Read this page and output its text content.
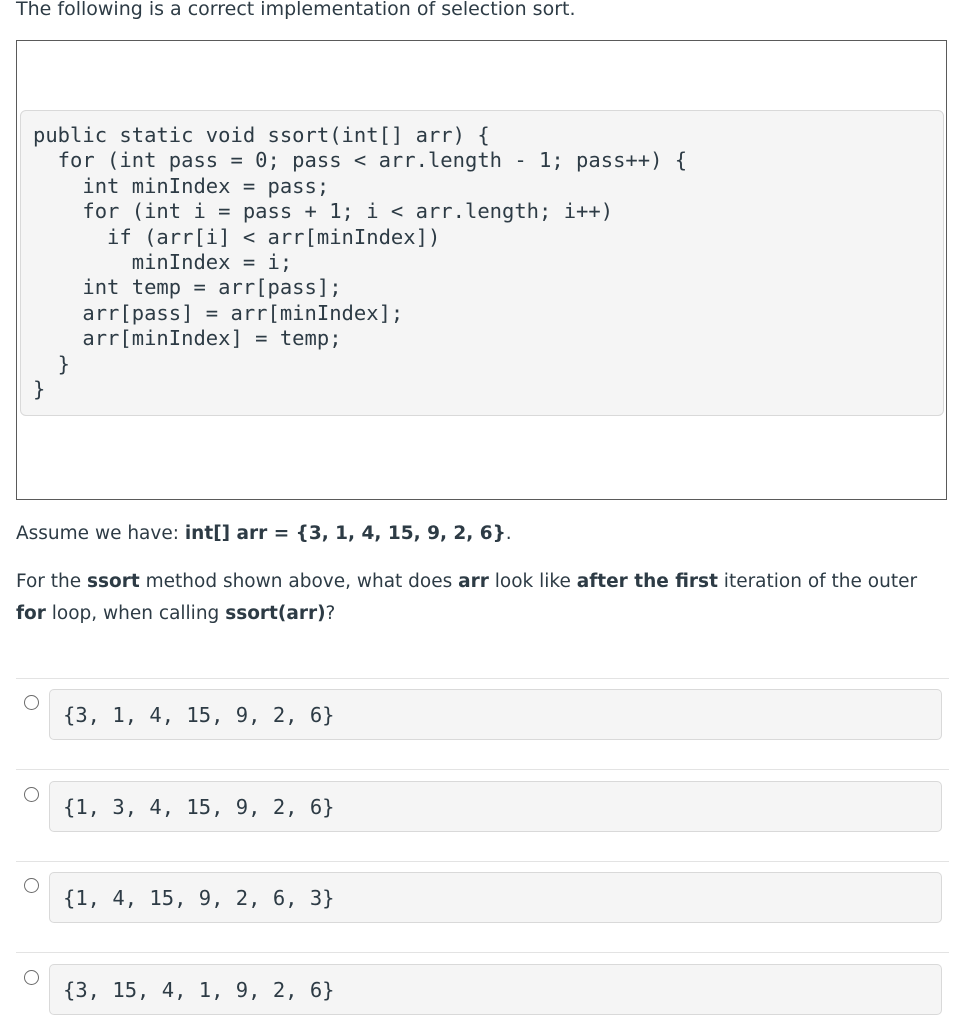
The following is a correct implementation of selection sort.

public static void ssort(int[] arr) {
for (int pass = 0; pass < arr.length - 1; pass++) {
int minIndex = pass;
for (int i = pass + 1; i < arr.length; i++)
if (arr[i] < arr[minIndex])
minIndex = i;
int temp = arr[pass];
arr[pass] = arr[minIndex];
arr[minIndex] = temp;
}
}

Assume we have: int[] arr = {3, 1, 4, 15, 9, 2, 6}.

For the ssort method shown above, what does arr look like after the first iteration of the outer for loop, when calling ssort(arr)?

{3, 1, 4, 15, 9, 2, 6}
{1, 3, 4, 15, 9, 2, 6}
{1, 4, 15, 9, 2, 6, 3}
{3, 15, 4, 1, 9, 2, 6}
